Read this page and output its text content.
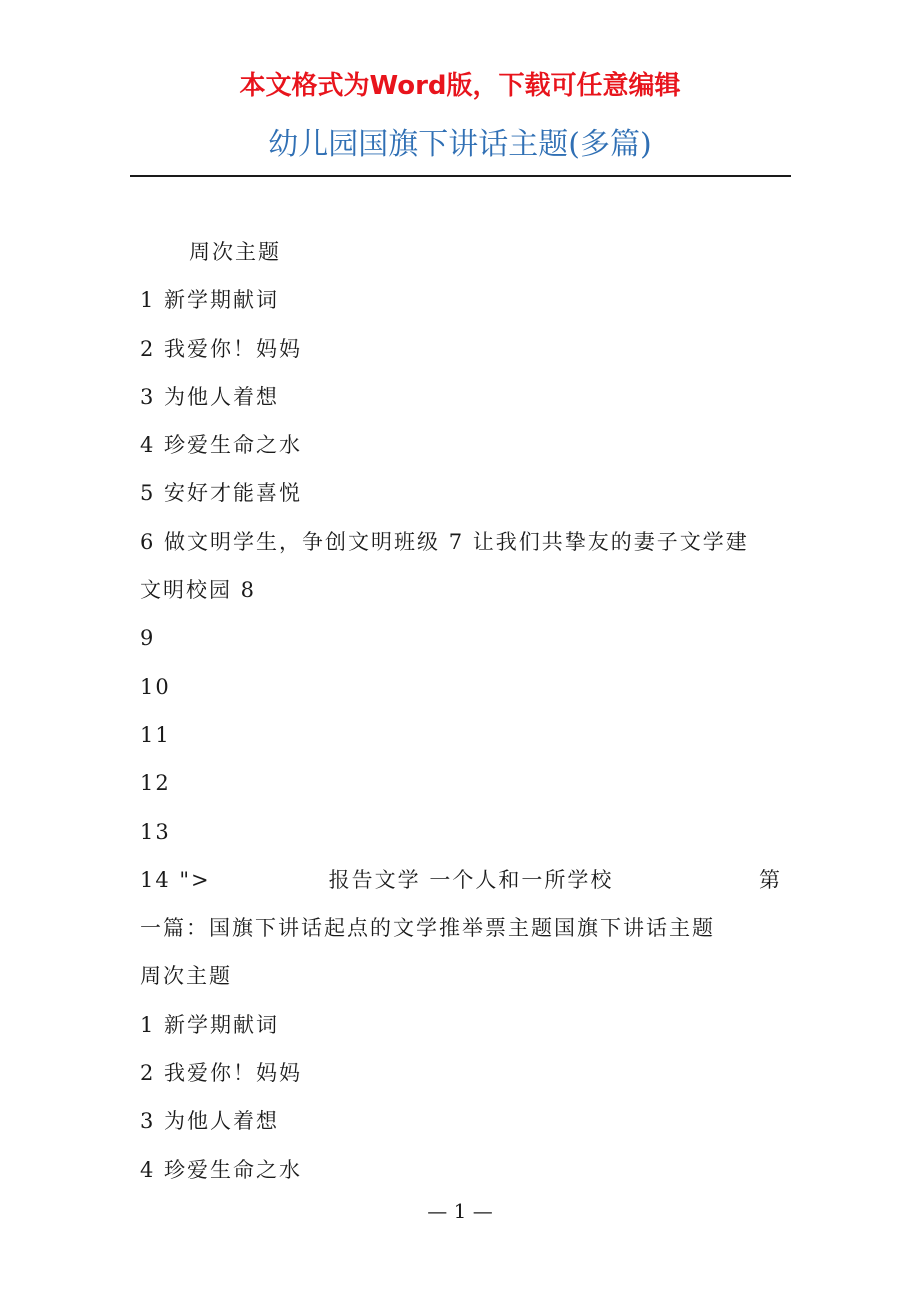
本文格式为Word版，下载可任意编辑
幼儿园国旗下讲话主题(多篇)
周次主题
1 新学期献词
2 我爱你！妈妈
3 为他人着想
4 珍爱生命之水
5 安好才能喜悦
6 做文明学生，争创文明班级 7 让我们共挚友的妻子文学建
文明校园 8
9
10
11
12
13
14 ">	报告文学 一个人和一所学校	第
一篇：国旗下讲话起点的文学推举票主题国旗下讲话主题
周次主题
1 新学期献词
2 我爱你！妈妈
3 为他人着想
4 珍爱生命之水
— 1 —
